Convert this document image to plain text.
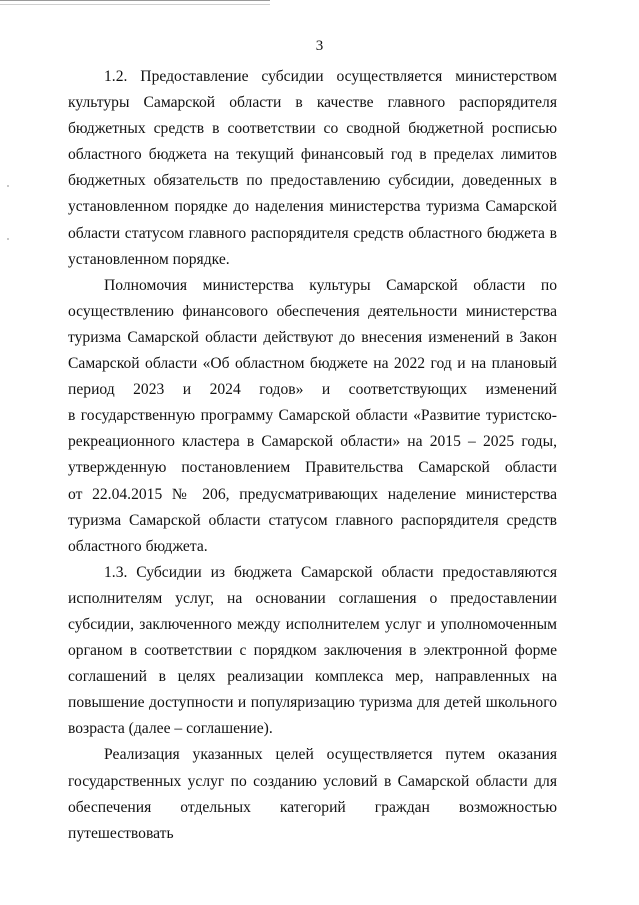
3
1.2. Предоставление субсидии осуществляется министерством
культуры Самарской области в качестве главного распорядителя
бюджетных средств в соответствии со сводной бюджетной росписью
областного бюджета на текущий финансовый год в пределах лимитов
бюджетных обязательств по предоставлению субсидии, доведенных в
установленном порядке до наделения министерства туризма Самарской
области статусом главного распорядителя средств областного бюджета в
установленном порядке.
Полномочия министерства культуры Самарской области по
осуществлению финансового обеспечения деятельности министерства
туризма Самарской области действуют до внесения изменений в Закон
Самарской области «Об областном бюджете на 2022 год и на плановый
период 2023 и 2024 годов» и соответствующих изменений
в государственную программу Самарской области «Развитие туристско-
рекреационного кластера в Самарской области» на 2015 – 2025 годы,
утвержденную постановлением Правительства Самарской области
от 22.04.2015 № 206, предусматривающих наделение министерства
туризма Самарской области статусом главного распорядителя средств
областного бюджета.
1.3. Субсидии из бюджета Самарской области предоставляются
исполнителям услуг, на основании соглашения о предоставлении
субсидии, заключенного между исполнителем услуг и уполномоченным
органом в соответствии с порядком заключения в электронной форме
соглашений в целях реализации комплекса мер, направленных на
повышение доступности и популяризацию туризма для детей школьного
возраста (далее – соглашение).
Реализация указанных целей осуществляется путем оказания
государственных услуг по созданию условий в Самарской области для
обеспечения отдельных категорий граждан возможностью путешествовать
